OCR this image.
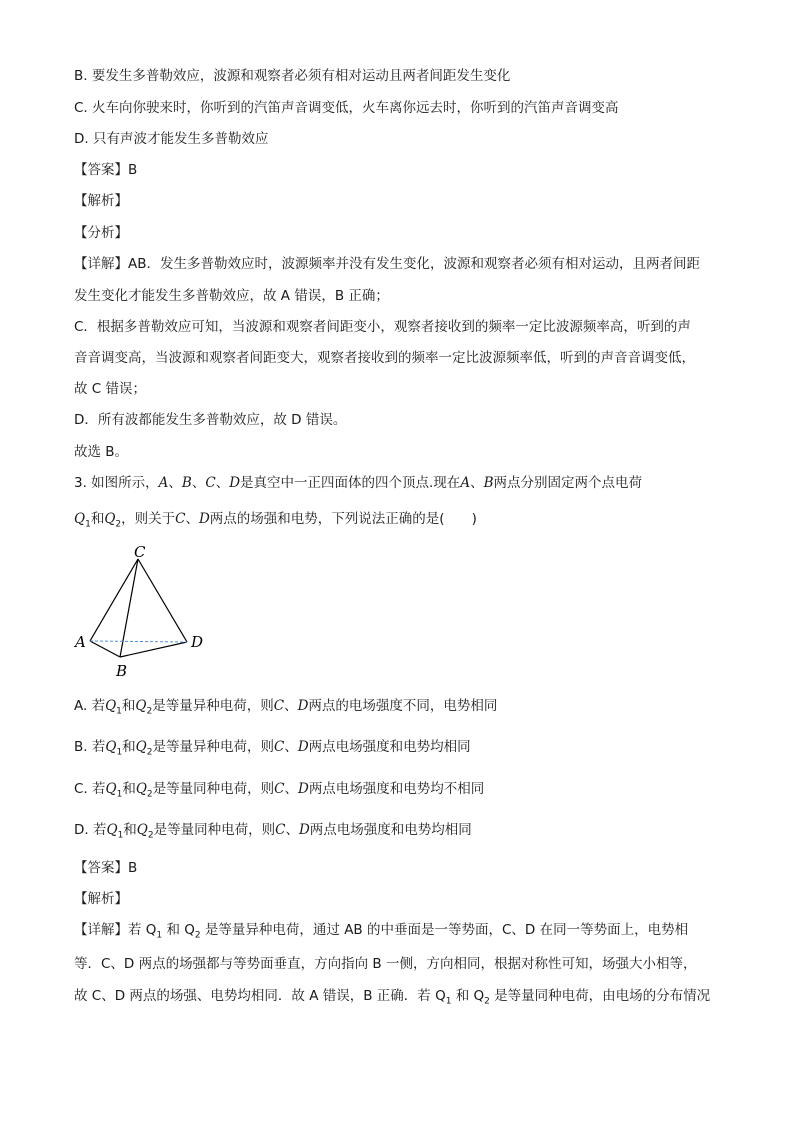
B. 要发生多普勒效应，波源和观察者必须有相对运动且两者间距发生变化
C. 火车向你驶来时，你听到的汽笛声音调变低，火车离你远去时，你听到的汽笛声音调变高
D. 只有声波才能发生多普勒效应
【答案】B
【解析】
【分析】
【详解】AB．发生多普勒效应时，波源频率并没有发生变化，波源和观察者必须有相对运动，且两者间距
发生变化才能发生多普勒效应，故 A 错误，B 正确；
C．根据多普勒效应可知，当波源和观察者间距变小，观察者接收到的频率一定比波源频率高，听到的声
音音调变高，当波源和观察者间距变大，观察者接收到的频率一定比波源频率低，听到的声音音调变低，
故 C 错误；
D．所有波都能发生多普勒效应，故 D 错误。
故选 B。
3. 如图所示，A、B、C、D是真空中一正四面体的四个顶点.现在A、B两点分别固定两个点电荷
$Q_1$和$Q_2$，则关于C、D两点的场强和电势，下列说法正确的是(　　)
C
A
B
D
A. 若$Q_1$和$Q_2$是等量异种电荷，则C、D两点的电场强度不同，电势相同
B. 若$Q_1$和$Q_2$是等量异种电荷，则C、D两点电场强度和电势均相同
C. 若$Q_1$和$Q_2$是等量同种电荷，则C、D两点电场强度和电势均不相同
D. 若$Q_1$和$Q_2$是等量同种电荷，则C、D两点电场强度和电势均相同
【答案】B
【解析】
【详解】若 $Q_1$ 和 $Q_2$ 是等量异种电荷，通过 AB 的中垂面是一等势面，C、D 在同一等势面上，电势相
等．C、D 两点的场强都与等势面垂直，方向指向 B 一侧，方向相同，根据对称性可知，场强大小相等，
故 C、D 两点的场强、电势均相同．故 A 错误，B 正确．若 $Q_1$ 和 $Q_2$ 是等量同种电荷，由电场的分布情况
